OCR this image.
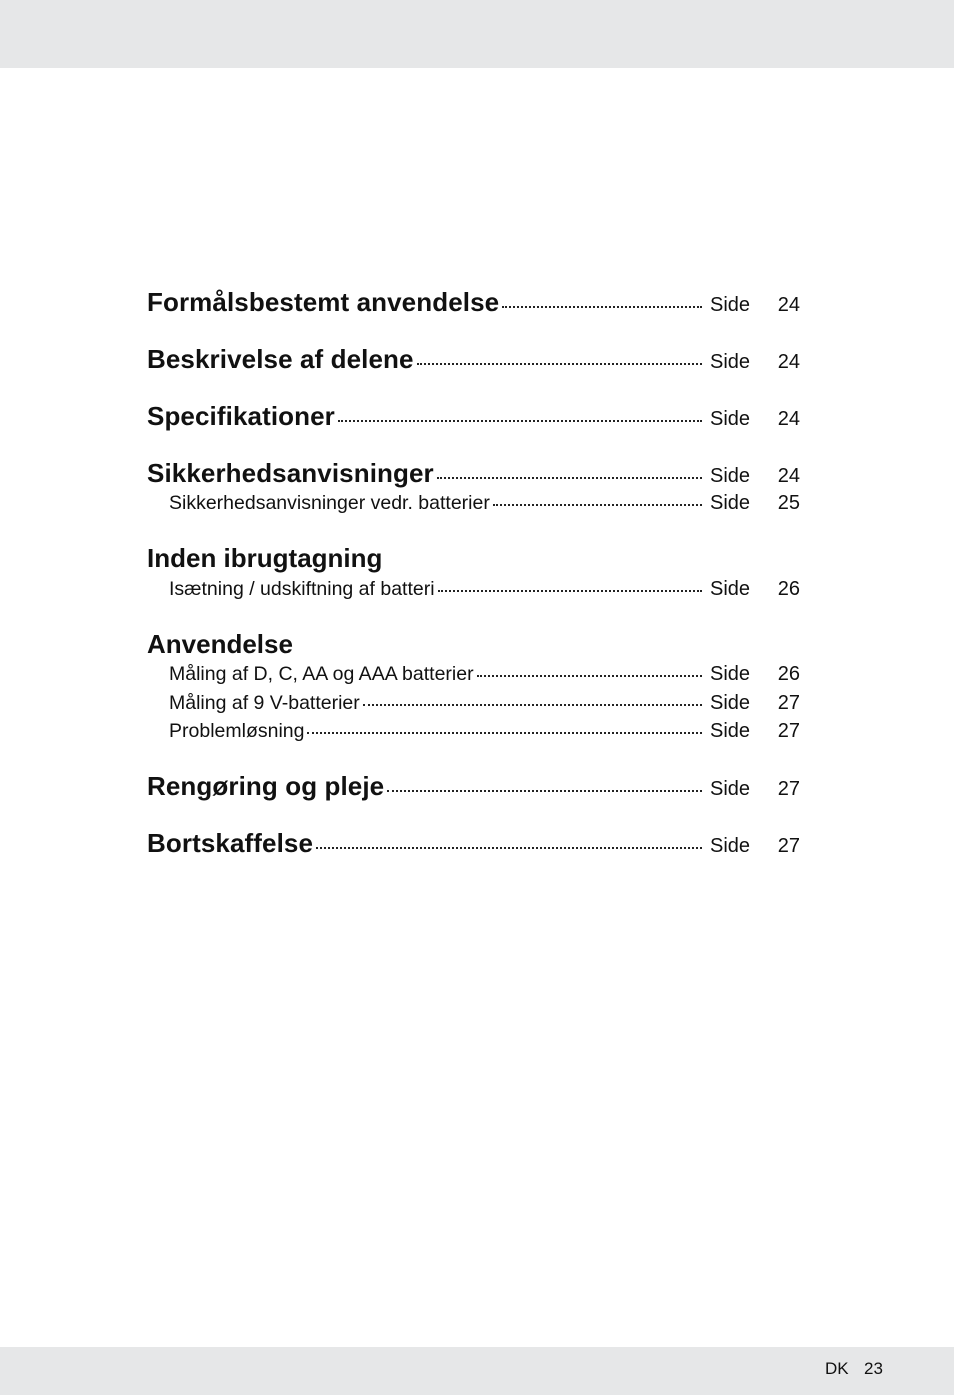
Formålsbestemt anvendelse	Side 24
Beskrivelse af delene	Side 24
Specifikationer	Side 24
Sikkerhedsanvisninger	Side 24
Sikkerhedsanvisninger vedr. batterier	Side 25
Inden ibrugtagning
Isætning / udskiftning af batteri	Side 26
Anvendelse
Måling af D, C, AA og AAA batterier	Side 26
Måling af 9 V-batterier	Side 27
Problemløsning	Side 27
Rengøring og pleje	Side 27
Bortskaffelse	Side 27
DK 23
